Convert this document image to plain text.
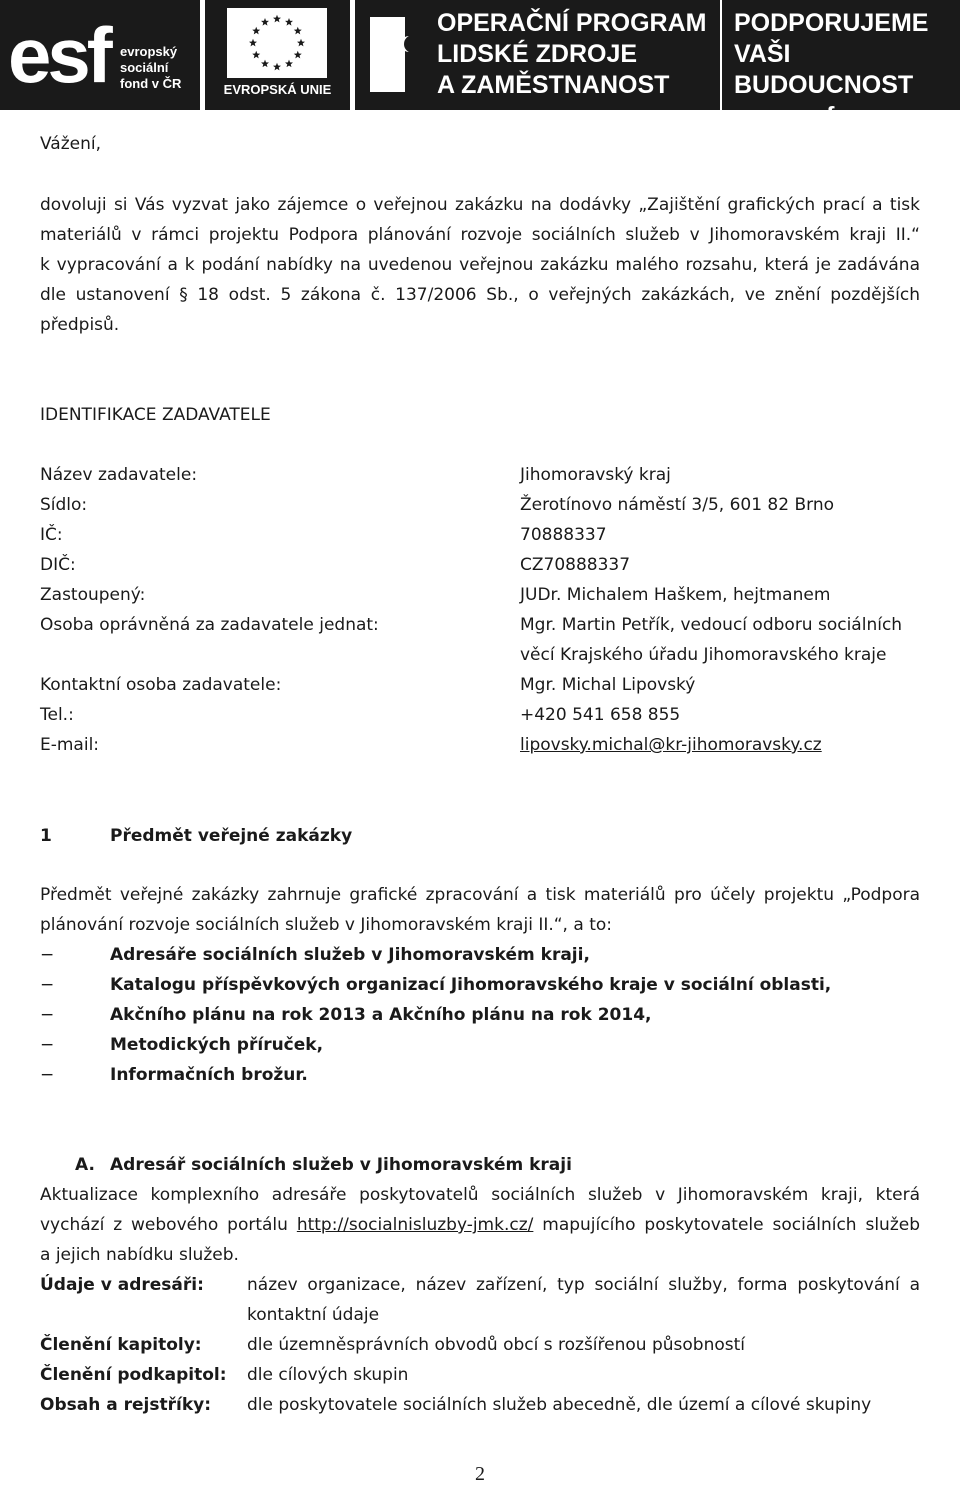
esf evropský
sociální
fond v ČR	EVROPSKÁ UNIE
OPERAČNÍ PROGRAM
LIDSKÉ ZDROJE
A ZAMĚSTNANOST
PODPORUJEME
VAŠI BUDOUCNOST
www.esfcr.cz

Vážení,

dovoluji si Vás vyzvat jako zájemce o veřejnou zakázku na dodávky „Zajištění grafických prací a tisk

materiálů v rámci projektu Podpora plánování rozvoje sociálních služeb v Jihomoravském kraji II.“

k vypracování a k podání nabídky na uvedenou veřejnou zakázku malého rozsahu, která je zadávána

dle ustanovení § 18 odst. 5 zákona č. 137/2006 Sb., o veřejných zakázkách, ve znění pozdějších

předpisů.

IDENTIFIKACE ZADAVATELE

Název zadavatele:	Jihomoravský kraj
Sídlo:	Žerotínovo náměstí 3/5, 601 82 Brno
IČ:	70888337
DIČ:	CZ70888337
Zastoupený:	JUDr. Michalem Haškem, hejtmanem
Osoba oprávněná za zadavatele jednat:	Mgr. Martin Petřík, vedoucí odboru sociálních
věcí Krajského úřadu Jihomoravského kraje
Kontaktní osoba zadavatele:	Mgr. Michal Lipovský
Tel.:	+420 541 658 855
E-mail:	lipovsky.michal@kr-jihomoravsky.cz

1	Předmět veřejné zakázky

Předmět veřejné zakázky zahrnuje grafické zpracování a tisk materiálů pro účely projektu „Podpora

plánování rozvoje sociálních služeb v Jihomoravském kraji II.“, a to:

−	Adresáře sociálních služeb v Jihomoravském kraji,
−	Katalogu příspěvkových organizací Jihomoravského kraje v sociální oblasti,
−	Akčního plánu na rok 2013 a Akčního plánu na rok 2014,
−	Metodických příruček,
−	Informačních brožur.

A. Adresář sociálních služeb v Jihomoravském kraji

Aktualizace komplexního adresáře poskytovatelů sociálních služeb v Jihomoravském kraji, která

vychází z webového portálu http://socialnisluzby-jmk.cz/ mapujícího poskytovatele sociálních služeb

a jejich nabídku služeb.

Údaje v adresáři:	název organizace, název zařízení, typ sociální služby, forma poskytování a kontaktní údaje
Členění kapitoly:	dle územněsprávních obvodů obcí s rozšířenou působností
Členění podkapitol: dle cílových skupin
Obsah a rejstříky: dle poskytovatele sociálních služeb abecedně, dle území a cílové skupiny
2
